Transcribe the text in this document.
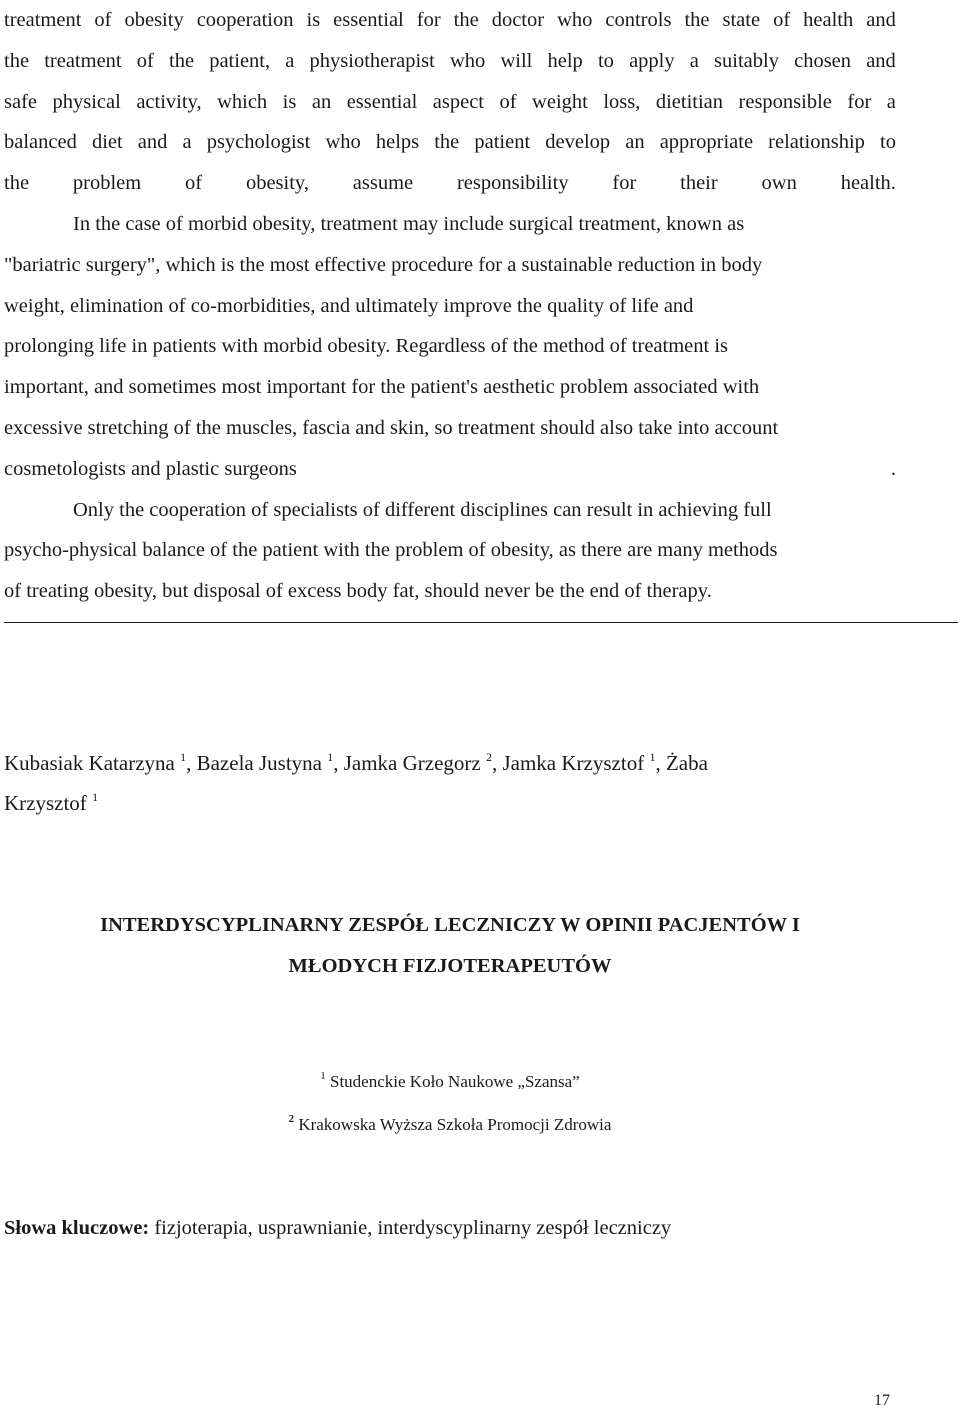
treatment of obesity cooperation is essential for the doctor who controls the state of health and
the treatment of the patient, a physiotherapist who will help to apply a suitably chosen and
safe physical activity, which is an essential aspect of weight loss, dietitian responsible for a
balanced diet and a psychologist who helps the patient develop an appropriate relationship to
the problem of obesity, assume responsibility for their own health.
In the case of morbid obesity, treatment may include surgical treatment, known as
"bariatric surgery", which is the most effective procedure for a sustainable reduction in body
weight, elimination of co-morbidities, and ultimately improve the quality of life and
prolonging life in patients with morbid obesity. Regardless of the method of treatment is
important, and sometimes most important for the patient's aesthetic problem associated with
excessive stretching of the muscles, fascia and skin, so treatment should also take into account
cosmetologists and plastic surgeons	.
Only the cooperation of specialists of different disciplines can result in achieving full
psycho-physical balance of the patient with the problem of obesity, as there are many methods
of treating obesity, but disposal of excess body fat, should never be the end of therapy.

Kubasiak Katarzyna $^1$, Bazela Justyna $^1$, Jamka Grzegorz $^2$, Jamka Krzysztof $^1$, Żaba
Krzysztof $^1$

INTERDYSCYPLINARNY ZESPÓŁ LECZNICZY W OPINII PACJENTÓW I
MŁODYCH FIZJOTERAPEUTÓW

$^1$ Studenckie Koło Naukowe „Szansa”

$^2$ Krakowska Wyższa Szkoła Promocji Zdrowia

Słowa kluczowe: fizjoterapia, usprawnianie, interdyscyplinarny zespół leczniczy

17
